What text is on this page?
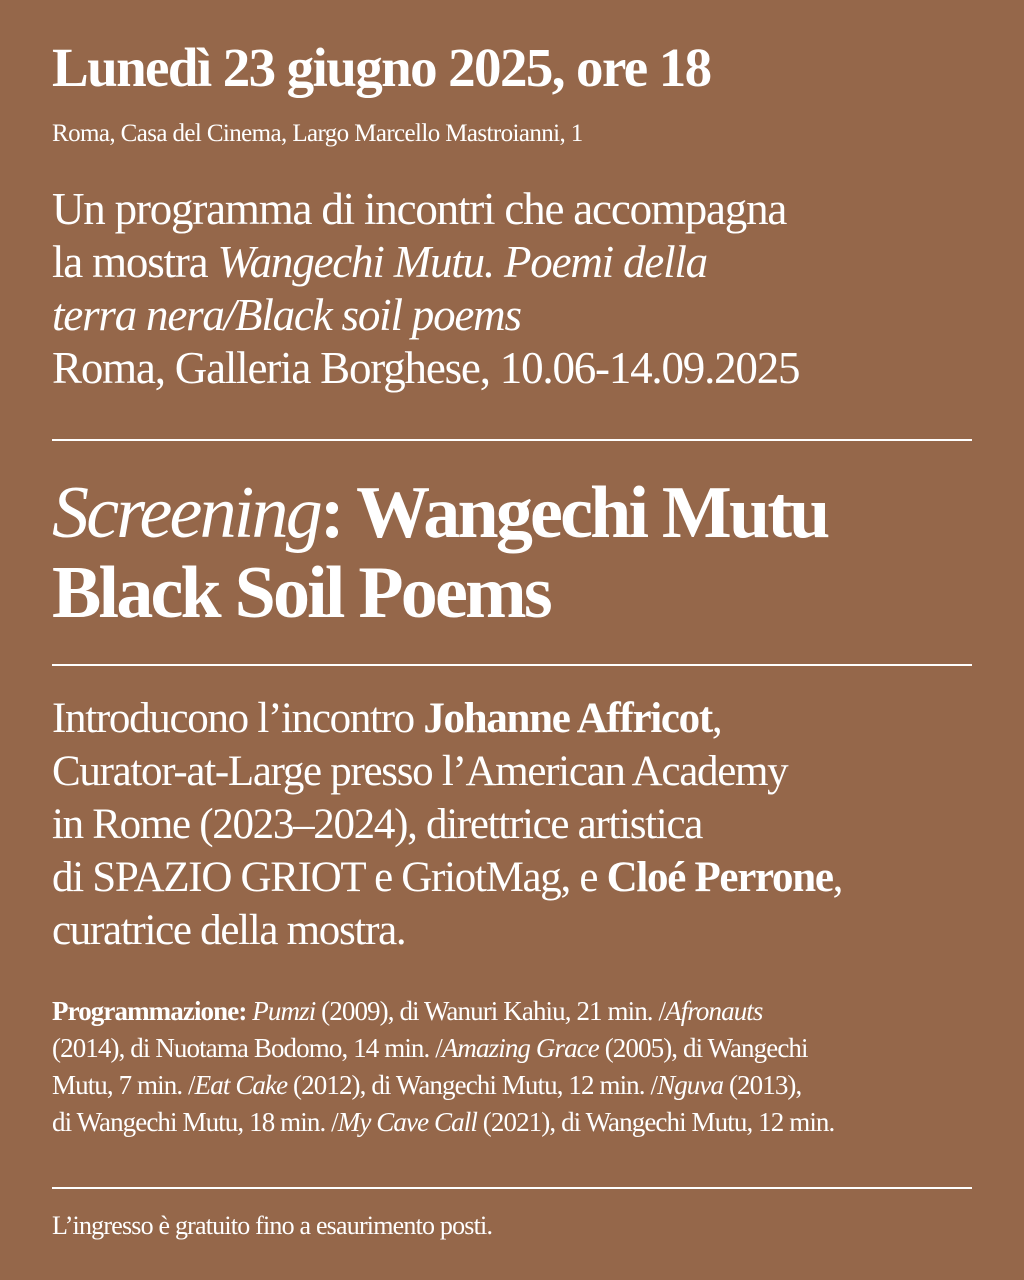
Lunedì 23 giugno 2025, ore 18

Roma, Casa del Cinema, Largo Marcello Mastroianni, 1

Un programma di incontri che accompagna
la mostra Wangechi Mutu. Poemi della
terra nera/Black soil poems
Roma, Galleria Borghese, 10.06-14.09.2025
Screening: Wangechi Mutu
Black Soil Poems
Introducono l’incontro Johanne Affricot,
Curator-at-Large presso l’American Academy
in Rome (2023–2024), direttrice artistica
di SPAZIO GRIOT e GriotMag, e Cloé Perrone,
curatrice della mostra.
Programmazione: Pumzi (2009), di Wanuri Kahiu, 21 min. /Afronauts
(2014), di Nuotama Bodomo, 14 min. /Amazing Grace (2005), di Wangechi
Mutu, 7 min. /Eat Cake (2012), di Wangechi Mutu, 12 min. /Nguva (2013),
di Wangechi Mutu, 18 min. /My Cave Call (2021), di Wangechi Mutu, 12 min.

L’ingresso è gratuito fino a esaurimento posti.
